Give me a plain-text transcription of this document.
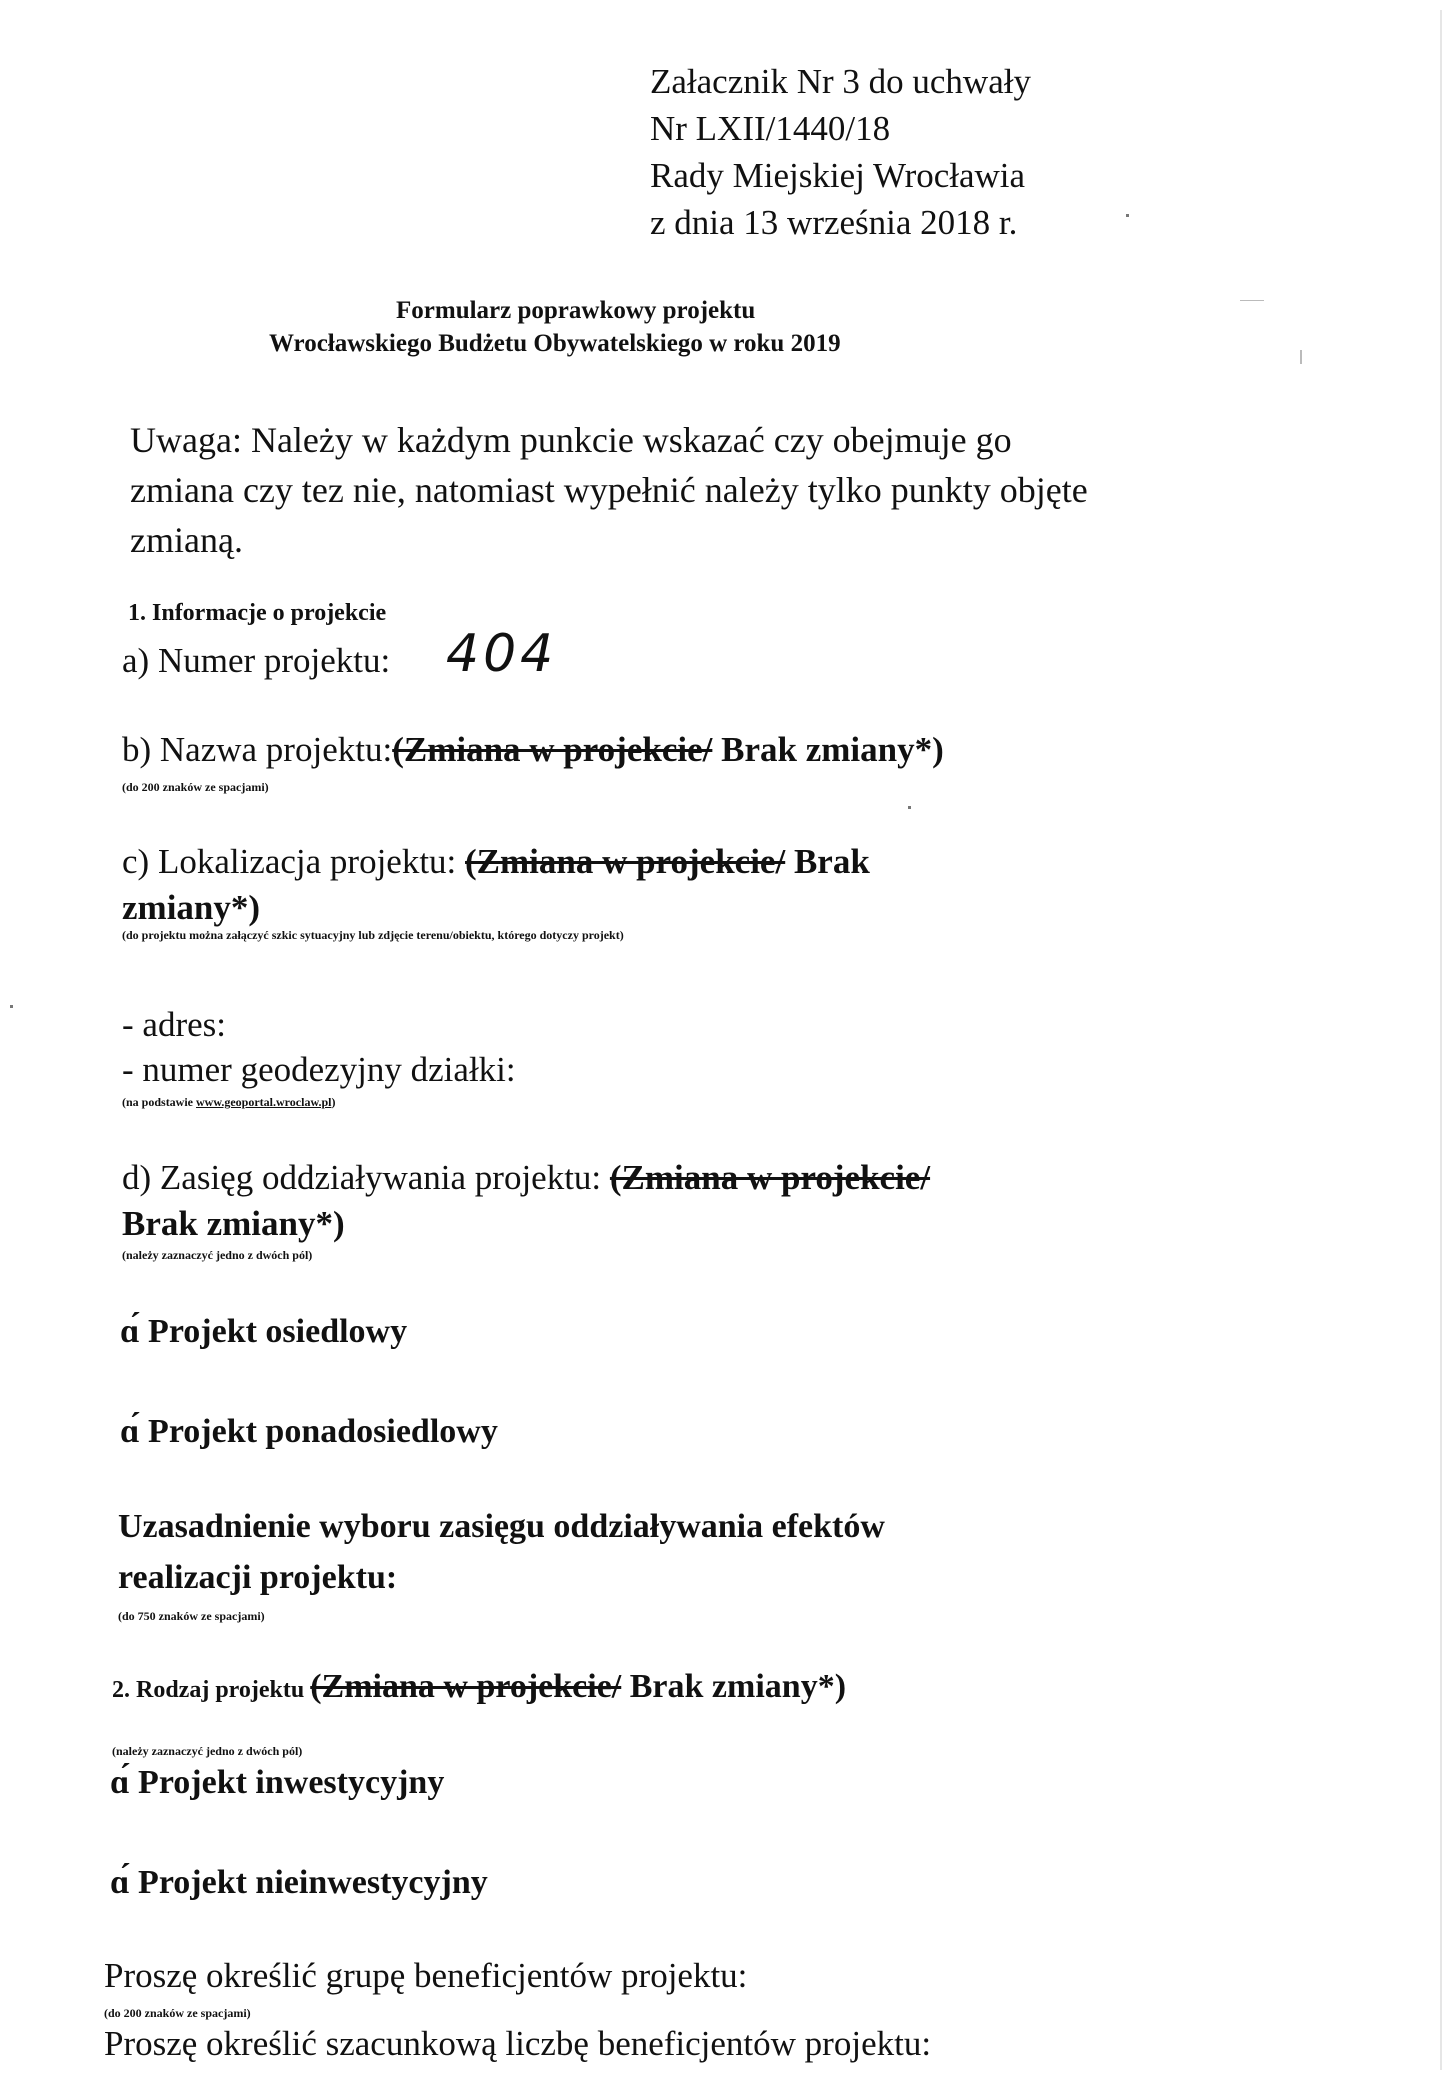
Załacznik Nr 3 do uchwały
Nr LXII/1440/18
Rady Miejskiej Wrocławia
z dnia 13 września 2018 r.
Formularz poprawkowy projektu
Wrocławskiego Budżetu Obywatelskiego w roku 2019
Uwaga: Należy w każdym punkcie wskazać czy obejmuje go zmiana czy tez nie, natomiast wypełnić należy tylko punkty objęte zmianą.
1. Informacje o projekcie
a) Numer projektu: 404
b) Nazwa projektu:(Zmiana w projekcie/ Brak zmiany*)
(do 200 znaków ze spacjami)
c) Lokalizacja projektu: (Zmiana w projekcie/ Brak
zmiany*)
(do projektu można załączyć szkic sytuacyjny lub zdjęcie terenu/obiektu, którego dotyczy projekt)
- adres:
- numer geodezyjny działki:
(na podstawie www.geoportal.wroclaw.pl)
d) Zasięg oddziaływania projektu: (Zmiana w projekcie/
Brak zmiany*)
(należy zaznaczyć jedno z dwóch pól)
ɑ́ Projekt osiedlowy
ɑ́ Projekt ponadosiedlowy
Uzasadnienie wyboru zasięgu oddziaływania efektów
realizacji projektu:
(do 750 znaków ze spacjami)
2. Rodzaj projektu (Zmiana w projekcie/ Brak zmiany*)
(należy zaznaczyć jedno z dwóch pól)
ɑ́ Projekt inwestycyjny
ɑ́ Projekt nieinwestycyjny
Proszę określić grupę beneficjentów projektu:
(do 200 znaków ze spacjami)
Proszę określić szacunkową liczbę beneficjentów projektu:
